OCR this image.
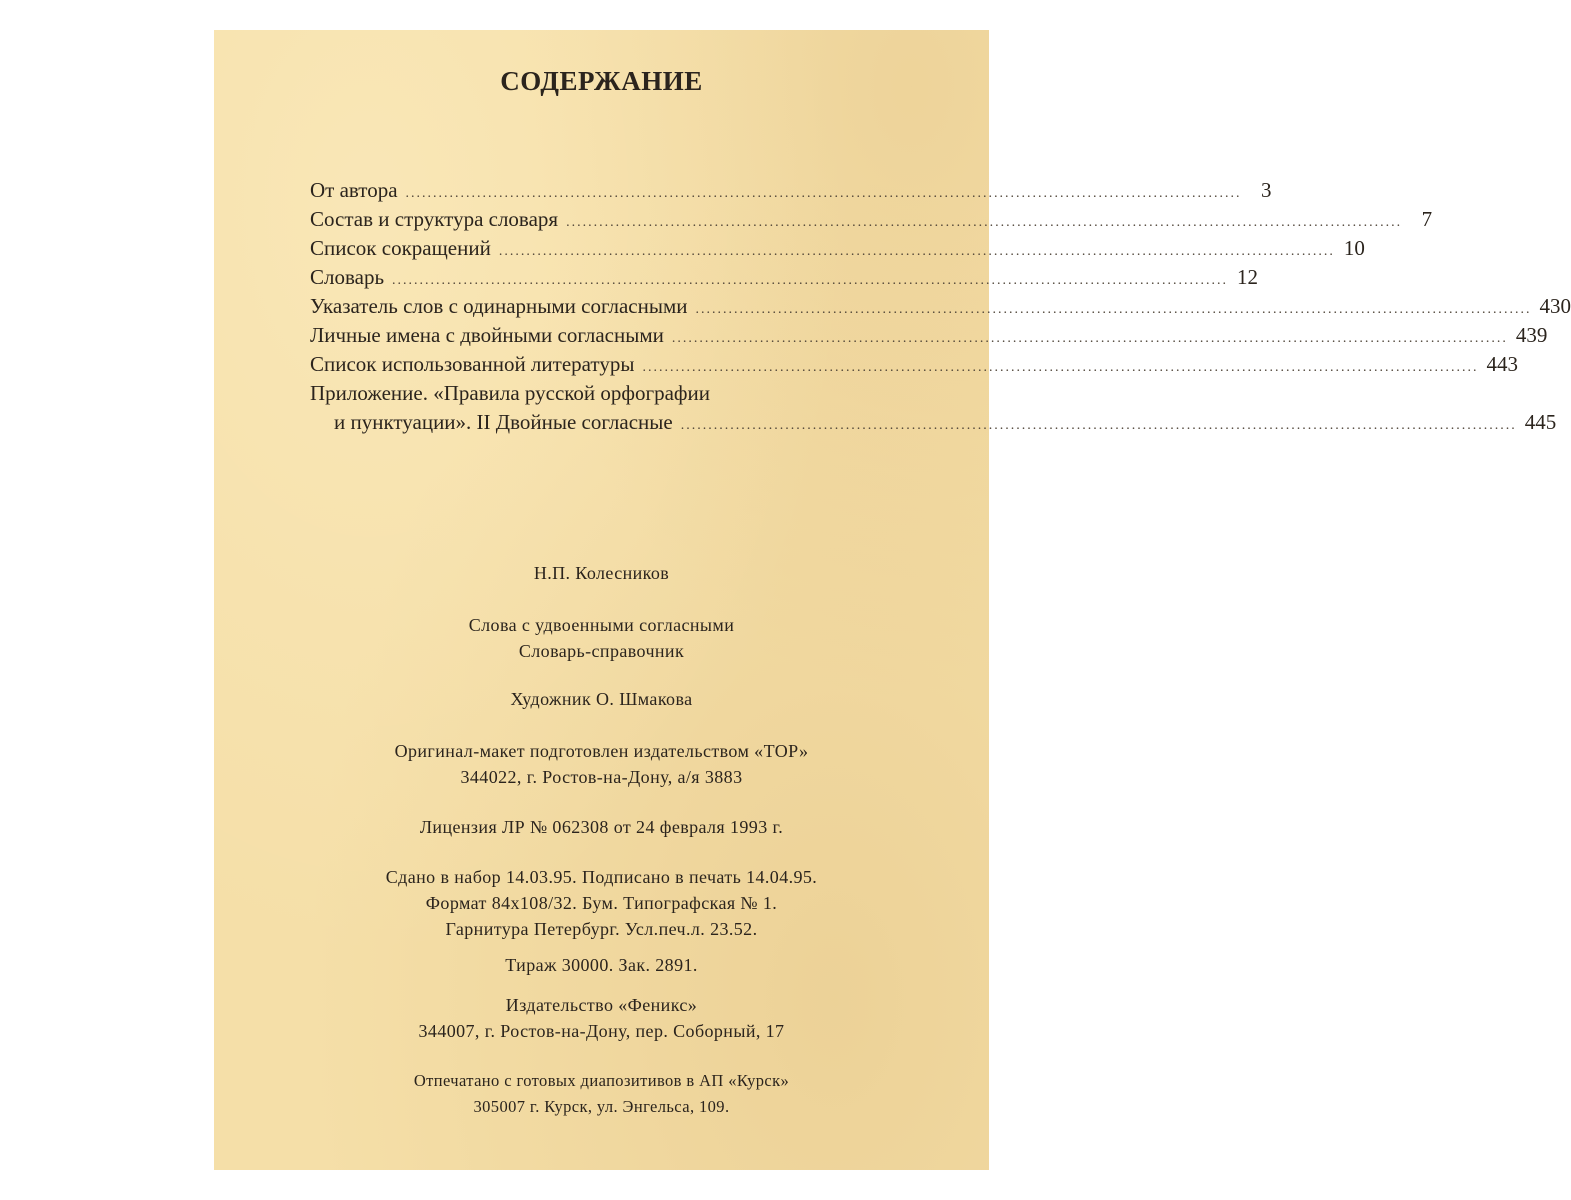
СОДЕРЖАНИЕ
От автора ........................................................................................................................................................ 3
Состав и структура словаря ........................................................................................................................................................ 7
Список сокращений ........................................................................................................................................................ 10
Словарь ........................................................................................................................................................ 12
Указатель слов с одинарными согласными ........................................................................................................................................................ 430
Личные имена с двойными согласными ........................................................................................................................................................ 439
Список использованной литературы ........................................................................................................................................................ 443
Приложение. «Правила русской орфографии
и пунктуации». II Двойные согласные ........................................................................................................................................................ 445
Н.П. Колесников
Слова с удвоенными согласными
Словарь-справочник
Художник О. Шмакова
Оригинал-макет подготовлен издательством «ТОР»
344022, г. Ростов-на-Дону, а/я 3883
Лицензия ЛР № 062308 от 24 февраля 1993 г.
Сдано в набор 14.03.95. Подписано в печать 14.04.95.
Формат 84x108/32. Бум. Типографская № 1.
Гарнитура Петербург. Усл.печ.л. 23.52.
Тираж 30000. Зак. 2891.
Издательство «Феникс»
344007, г. Ростов-на-Дону, пер. Соборный, 17
Отпечатано с готовых диапозитивов в АП «Курск»
305007 г. Курск, ул. Энгельса, 109.
